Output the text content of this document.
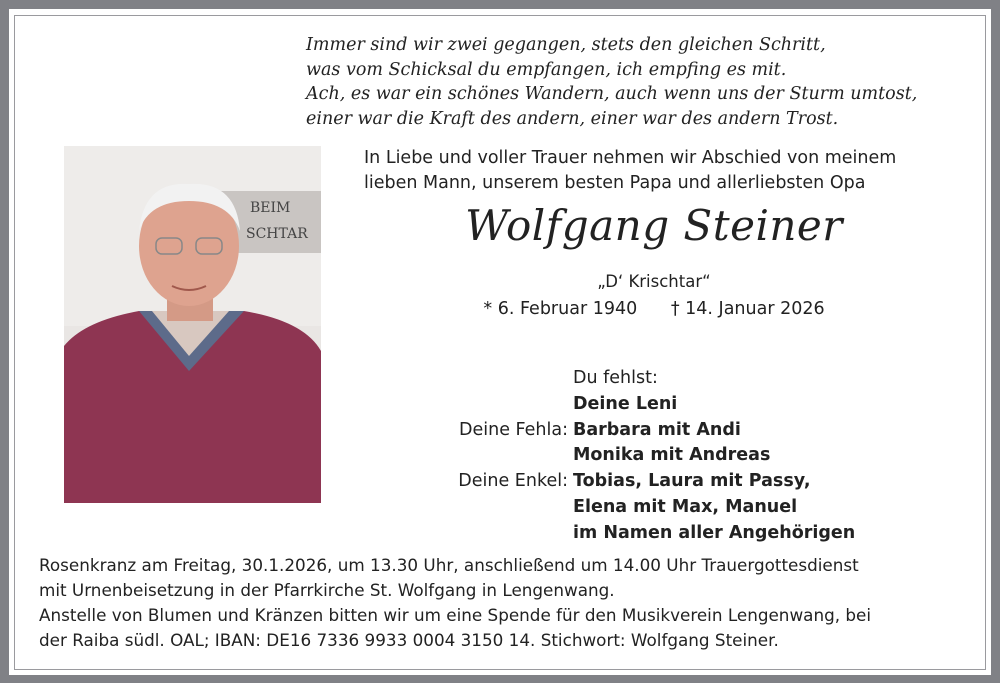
Immer sind wir zwei gegangen, stets den gleichen Schritt,
was vom Schicksal du empfangen, ich empfing es mit.
Ach, es war ein schönes Wandern, auch wenn uns der Sturm umtost,
einer war die Kraft des andern, einer war des andern Trost.
BEIM
SCHTAR
In Liebe und voller Trauer nehmen wir Abschied von meinem
lieben Mann, unserem besten Papa und allerliebsten Opa
Wolfgang Steiner
„D‘ Krischtar“
* 6. Februar 1940 † 14. Januar 2026
Du fehlst:
Deine Leni
Deine Fehla: Barbara mit Andi
Monika mit Andreas
Deine Enkel: Tobias, Laura mit Passy,
Elena mit Max, Manuel
im Namen aller Angehörigen
Rosenkranz am Freitag, 30.1.2026, um 13.30 Uhr, anschließend um 14.00 Uhr Trauergottesdienst
mit Urnenbeisetzung in der Pfarrkirche St. Wolfgang in Lengenwang.
Anstelle von Blumen und Kränzen bitten wir um eine Spende für den Musikverein Lengenwang, bei
der Raiba südl. OAL; IBAN: DE16 7336 9933 0004 3150 14. Stichwort: Wolfgang Steiner.
